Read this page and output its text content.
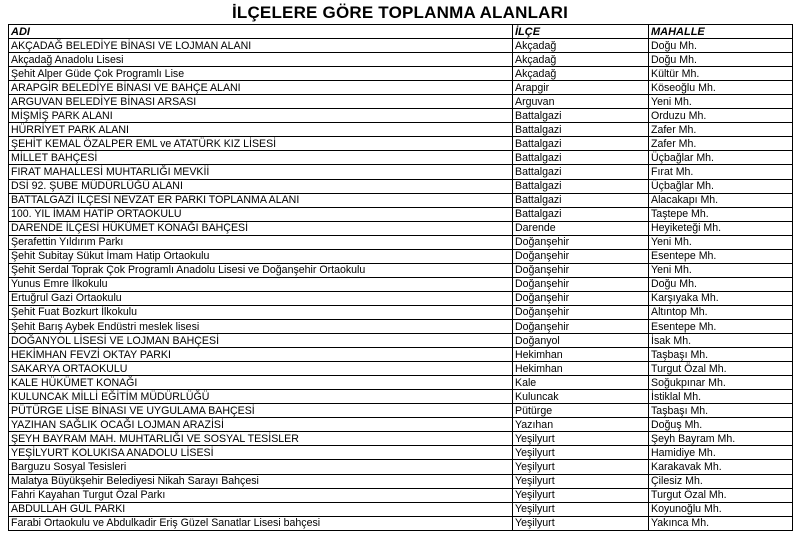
İLÇELERE GÖRE TOPLANMA ALANLARI
ADI	İLÇE	MAHALLE
AKÇADAĞ BELEDİYE BİNASI VE LOJMAN ALANI	Akçadağ	Doğu Mh.
Akçadağ Anadolu Lisesi	Akçadağ	Doğu Mh.
Şehit Alper Güde Çok Programlı Lise	Akçadağ	Kültür Mh.
ARAPGİR BELEDİYE BİNASI VE BAHÇE ALANI	Arapgir	Köseoğlu Mh.
ARGUVAN BELEDİYE BİNASI ARSASI	Arguvan	Yeni Mh.
MİŞMİŞ PARK ALANI	Battalgazi	Orduzu Mh.
HÜRRİYET PARK ALANI	Battalgazi	Zafer Mh.
ŞEHİT KEMAL ÖZALPER EML ve ATATÜRK KIZ LİSESİ	Battalgazi	Zafer Mh.
MİLLET BAHÇESİ	Battalgazi	Üçbağlar Mh.
FIRAT MAHALLESİ MUHTARLIĞI MEVKİİ	Battalgazi	Fırat Mh.
DSİ 92. ŞUBE MÜDÜRLÜĞÜ ALANI	Battalgazi	Üçbağlar Mh.
BATTALGAZİ İLÇESİ NEVZAT ER PARKI TOPLANMA ALANI	Battalgazi	Alacakapı Mh.
100. YIL İMAM HATİP ORTAOKULU	Battalgazi	Taştepe Mh.
DARENDE İLÇESİ HÜKÜMET KONAĞI BAHÇESİ	Darende	Heyiketeği Mh.
Şerafettin Yıldırım Parkı	Doğanşehir	Yeni Mh.
Şehit Subitay Sükut İmam Hatip Ortaokulu	Doğanşehir	Esentepe Mh.
Şehit Serdal Toprak Çok Programlı Anadolu Lisesi ve Doğanşehir Ortaokulu	Doğanşehir	Yeni Mh.
Yunus Emre İlkokulu	Doğanşehir	Doğu Mh.
Ertuğrul Gazi Ortaokulu	Doğanşehir	Karşıyaka Mh.
Şehit Fuat Bozkurt İlkokulu	Doğanşehir	Altıntop Mh.
Şehit Barış Aybek Endüstri meslek lisesi	Doğanşehir	Esentepe Mh.
DOĞANYOL LİSESİ VE LOJMAN BAHÇESİ	Doğanyol	İsak Mh.
HEKİMHAN FEVZİ OKTAY PARKI	Hekimhan	Taşbaşı Mh.
SAKARYA ORTAOKULU	Hekimhan	Turgut Özal Mh.
KALE HÜKÜMET KONAĞI	Kale	Soğukpınar Mh.
KULUNCAK MİLLİ EĞİTİM MÜDÜRLÜĞÜ	Kuluncak	İstiklal Mh.
PÜTÜRGE LİSE BİNASI VE UYGULAMA BAHÇESİ	Pütürge	Taşbaşı Mh.
YAZIHAN SAĞLIK OCAĞI LOJMAN ARAZİSİ	Yazıhan	Doğuş Mh.
ŞEYH BAYRAM MAH. MUHTARLIĞI VE SOSYAL TESİSLER	Yeşilyurt	Şeyh Bayram Mh.
YEŞİLYURT KOLUKISA ANADOLU LİSESİ	Yeşilyurt	Hamidiye Mh.
Barguzu Sosyal Tesisleri	Yeşilyurt	Karakavak Mh.
Malatya Büyükşehir Belediyesi Nikah Sarayı Bahçesi	Yeşilyurt	Çilesiz Mh.
Fahri Kayahan Turgut Özal Parkı	Yeşilyurt	Turgut Özal Mh.
ABDULLAH GÜL PARKI	Yeşilyurt	Koyunoğlu Mh.
Farabi Ortaokulu ve Abdulkadir Eriş Güzel Sanatlar Lisesi bahçesi	Yeşilyurt	Yakınca Mh.
